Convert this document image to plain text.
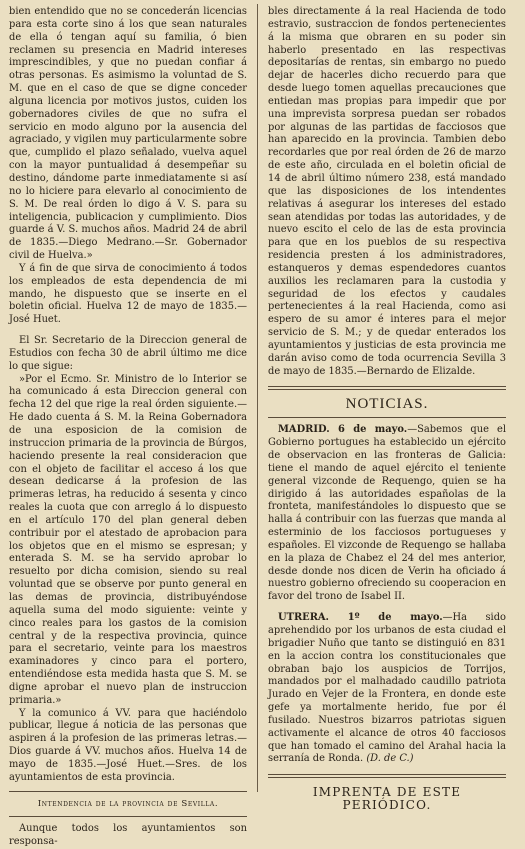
bien entendido que no se concederán licencias para esta corte sino á los que sean naturales de ella ó tengan aquí su familia, ó bien reclamen su presencia en Madrid intereses imprescindibles, y que no puedan confiar á otras personas. Es asimismo la voluntad de S. M. que en el caso de que se digne conceder alguna licencia por motivos justos, cuiden los gobernadores civiles de que no sufra el servicio en modo alguno por la ausencia del agraciado, y vigilen muy particularmente sobre que, cumplido el plazo señalado, vuelva aquel con la mayor puntualidad á desempeñar su destino, dándome parte inmediatamente si así no lo hiciere para elevarlo al conocimiento de S. M. De real órden lo digo á V. S. para su inteligencia, publicacion y cumplimiento. Dios guarde á V. S. muchos años. Madrid 24 de abril de 1835.—Diego Medrano.—Sr. Gobernador civil de Huelva.»

Y á fin de que sirva de conocimiento á todos los empleados de esta dependencia de mi mando, he dispuesto que se inserte en el boletin oficial. Huelva 12 de mayo de 1835.—José Huet.

El Sr. Secretario de la Direccion general de Estudios con fecha 30 de abril último me dice lo que sigue:

»Por el Ecmo. Sr. Ministro de lo Interior se ha comunicado á esta Direccion general con fecha 12 del que rige la real órden siguiente.—He dado cuenta á S. M. la Reina Gobernadora de una esposicion de la comision de instruccion primaria de la provincia de Búrgos, haciendo presente la real consideracion que con el objeto de facilitar el acceso á los que desean dedicarse á la profesion de las primeras letras, ha reducido á sesenta y cinco reales la cuota que con arreglo á lo dispuesto en el artículo 170 del plan general deben contribuir por el atestado de aprobacion para los objetos que en el mismo se espresan; y enterada S. M. se ha servido aprobar lo resuelto por dicha comision, siendo su real voluntad que se observe por punto general en las demas de provincia, distribuyéndose aquella suma del modo siguiente: veinte y cinco reales para los gastos de la comision central y de la respectiva provincia, quince para el secretario, veinte para los maestros examinadores y cinco para el portero, entendiéndose esta medida hasta que S. M. se digne aprobar el nuevo plan de instruccion primaria.»

Y la comunico á VV. para que haciéndolo publicar, llegue á noticia de las personas que aspiren á la profesion de las primeras letras.—Dios guarde á VV. muchos años. Huelva 14 de mayo de 1835.—José Huet.—Sres. de los ayuntamientos de esta provincia.

Intendencia de la provincia de Sevilla.

Aunque todos los ayuntamientos son responsa-

bles directamente á la real Hacienda de todo estravio, sustraccion de fondos pertenecientes á la misma que obraren en su poder sin haberlo presentado en las respectivas depositarías de rentas, sin embargo no puedo dejar de hacerles dicho recuerdo para que desde luego tomen aquellas precauciones que entiedan mas propias para impedir que por una imprevista sorpresa puedan ser robados por algunas de las partidas de facciosos que han aparecido en la provincia. Tambien debo recordarles que por real órden de 26 de marzo de este año, circulada en el boletin oficial de 14 de abril último número 238, está mandado que las disposiciones de los intendentes relativas á asegurar los intereses del estado sean atendidas por todas las autoridades, y de nuevo escito el celo de las de esta provincia para que en los pueblos de su respectiva residencia presten á los administradores, estanqueros y demas espendedores cuantos auxilios les reclamaren para la custodia y seguridad de los efectos y caudales pertenecientes á la real Hacienda, como asi espero de su amor é interes para el mejor servicio de S. M.; y de quedar enterados los ayuntamientos y justicias de esta provincia me darán aviso como de toda ocurrencia Sevilla 3 de mayo de 1835.—Bernardo de Elizalde.

NOTICIAS.

MADRID. 6 de mayo.—Sabemos que el Gobierno portugues ha establecido un ejército de observacion en las fronteras de Galicia: tiene el mando de aquel ejército el teniente general vizconde de Requengo, quien se ha dirigido á las autoridades españolas de la fronteta, manifestándoles lo dispuesto que se halla á contribuir con las fuerzas que manda al esterminio de los facciosos portugueses y españoles. El vizconde de Requengo se hallaba en la plaza de Chabez el 24 del mes anterior, desde donde nos dicen de Verin ha oficiado á nuestro gobierno ofreciendo su cooperacion en favor del trono de Isabel II.

UTRERA. 1º de mayo.—Ha sido aprehendido por los urbanos de esta ciudad el brigadier Nuño que tanto se distinguió en 831 en la accion contra los constitucionales que obraban bajo los auspicios de Torrijos, mandados por el malhadado caudillo patriota Jurado en Vejer de la Frontera, en donde este gefe ya mortalmente herido, fue por él fusilado. Nuestros bizarros patriotas siguen activamente el alcance de otros 40 facciosos que han tomado el camino del Arahal hacia la serranía de Ronda. (D. de C.)

IMPRENTA DE ESTE PERIÓDICO.
